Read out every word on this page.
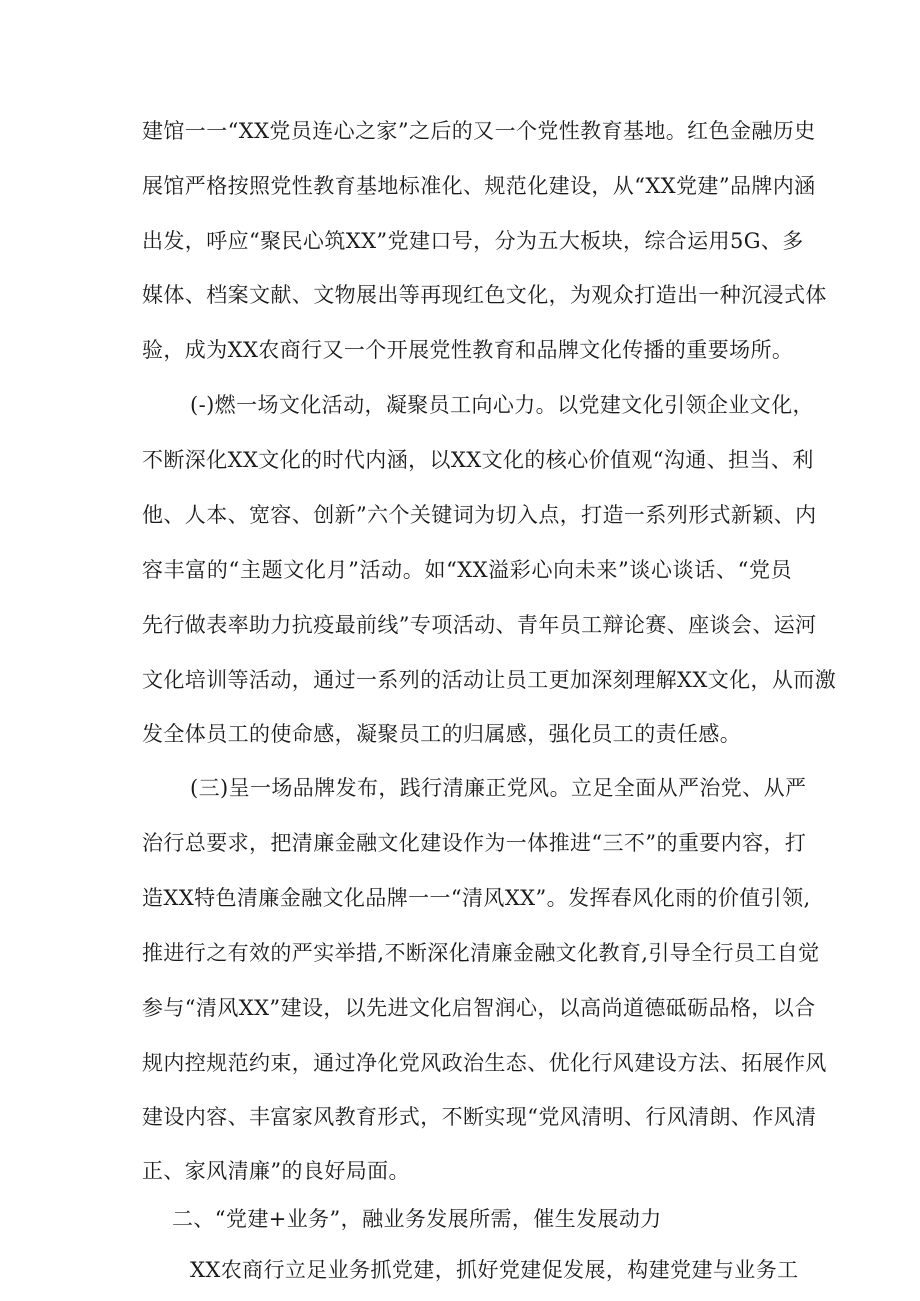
建馆一一“XX党员连心之家”之后的又一个党性教育基地。红色金融历史
展馆严格按照党性教育基地标准化、规范化建设，从“XX党建”品牌内涵
出发，呼应“聚民心筑XX”党建口号，分为五大板块，综合运用5G、多
媒体、档案文献、文物展出等再现红色文化，为观众打造出一种沉浸式体
验，成为XX农商行又一个开展党性教育和品牌文化传播的重要场所。
(-)燃一场文化活动，凝聚员工向心力。以党建文化引领企业文化，
不断深化XX文化的时代内涵，以XX文化的核心价值观“沟通、担当、利
他、人本、宽容、创新”六个关键词为切入点，打造一系列形式新颖、内
容丰富的“主题文化月”活动。如“XX溢彩心向未来”谈心谈话、“党员
先行做表率助力抗疫最前线”专项活动、青年员工辩论赛、座谈会、运河
文化培训等活动，通过一系列的活动让员工更加深刻理解XX文化，从而激
发全体员工的使命感，凝聚员工的归属感，强化员工的责任感。
(三)呈一场品牌发布，践行清廉正党风。立足全面从严治党、从严
治行总要求，把清廉金融文化建设作为一体推进“三不”的重要内容，打
造XX特色清廉金融文化品牌一一“清风XX”。发挥春风化雨的价值引领,
推进行之有效的严实举措,不断深化清廉金融文化教育,引导全行员工自觉
参与“清风XX”建设，以先进文化启智润心，以高尚道德砥砺品格，以合
规内控规范约束，通过净化党风政治生态、优化行风建设方法、拓展作风
建设内容、丰富家风教育形式，不断实现“党风清明、行风清朗、作风清
正、家风清廉”的良好局面。
二、“党建+业务”，融业务发展所需，催生发展动力
XX农商行立足业务抓党建，抓好党建促发展，构建党建与业务工
